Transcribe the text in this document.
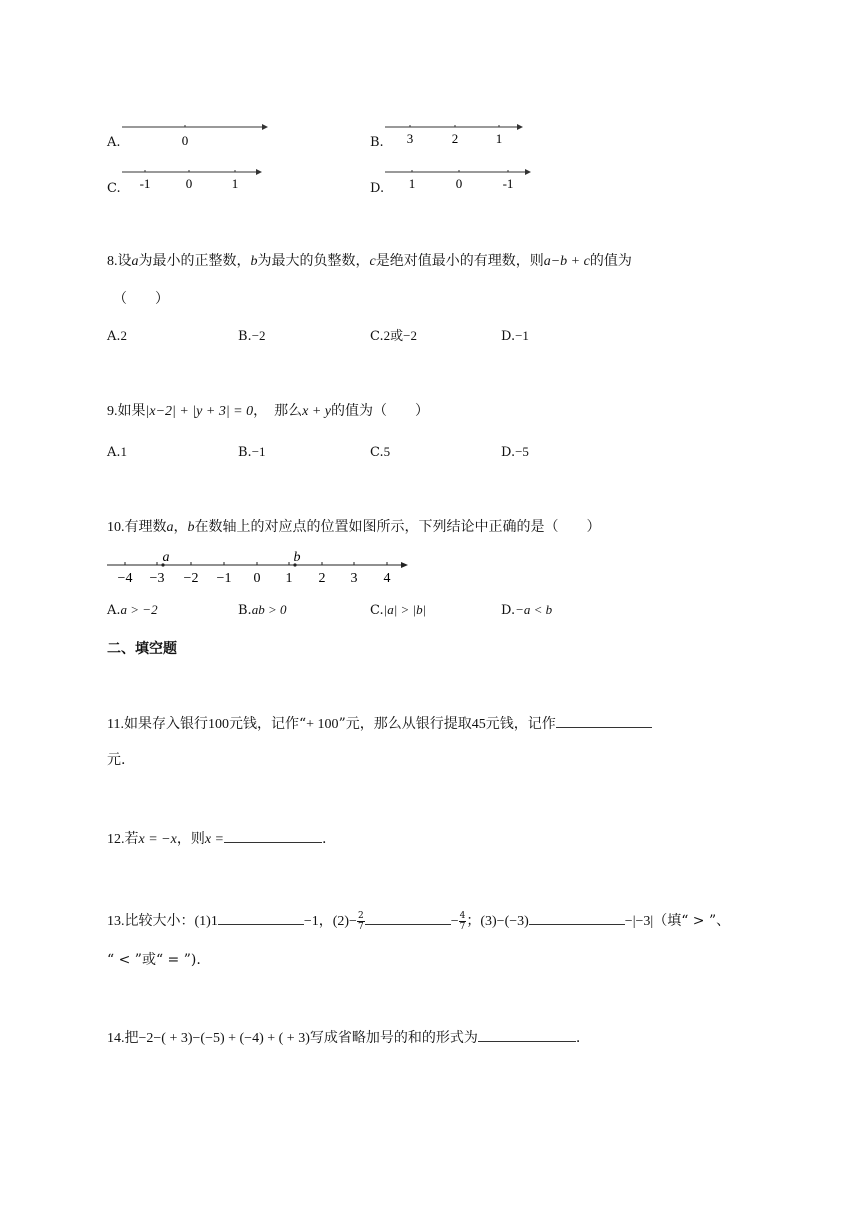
A.	0	B. 3	2	1
C. -1	0	1	D. 1	0	-1
8.设a为最小的正整数，b为最大的负整数，c是绝对值最小的有理数，则a−b + c的值为
（　　）
A.2	B.−2	C.2或−2	D.−1
9.如果|x−2| + |y + 3| = 0，　那么x + y的值为（　　）
A.1	B.−1	C.5	D.−5
10.有理数a，b在数轴上的对应点的位置如图所示，下列结论中正确的是（　　）
a	b
−4 −3 −2 −1 0 1 2 3 4
A.a > −2	B.ab > 0	C.|a| > |b|	D.−a < b
二、填空题
11.如果存入银行100元钱，记作“+ 100”元，那么从银行提取45元钱，记作
元.
12.若x = −x，则x =	.
13.比较大小：(1)1	−1，$(2)- \frac{2}{7}$	− $\frac{4}{7}$ ；(3)−(−3)	−|−3|（填“ > ”、
“ < ”或“ = ”).
14.把−2−( + 3)−(−5) + (−4) + ( + 3)写成省略加号的和的形式为	.
